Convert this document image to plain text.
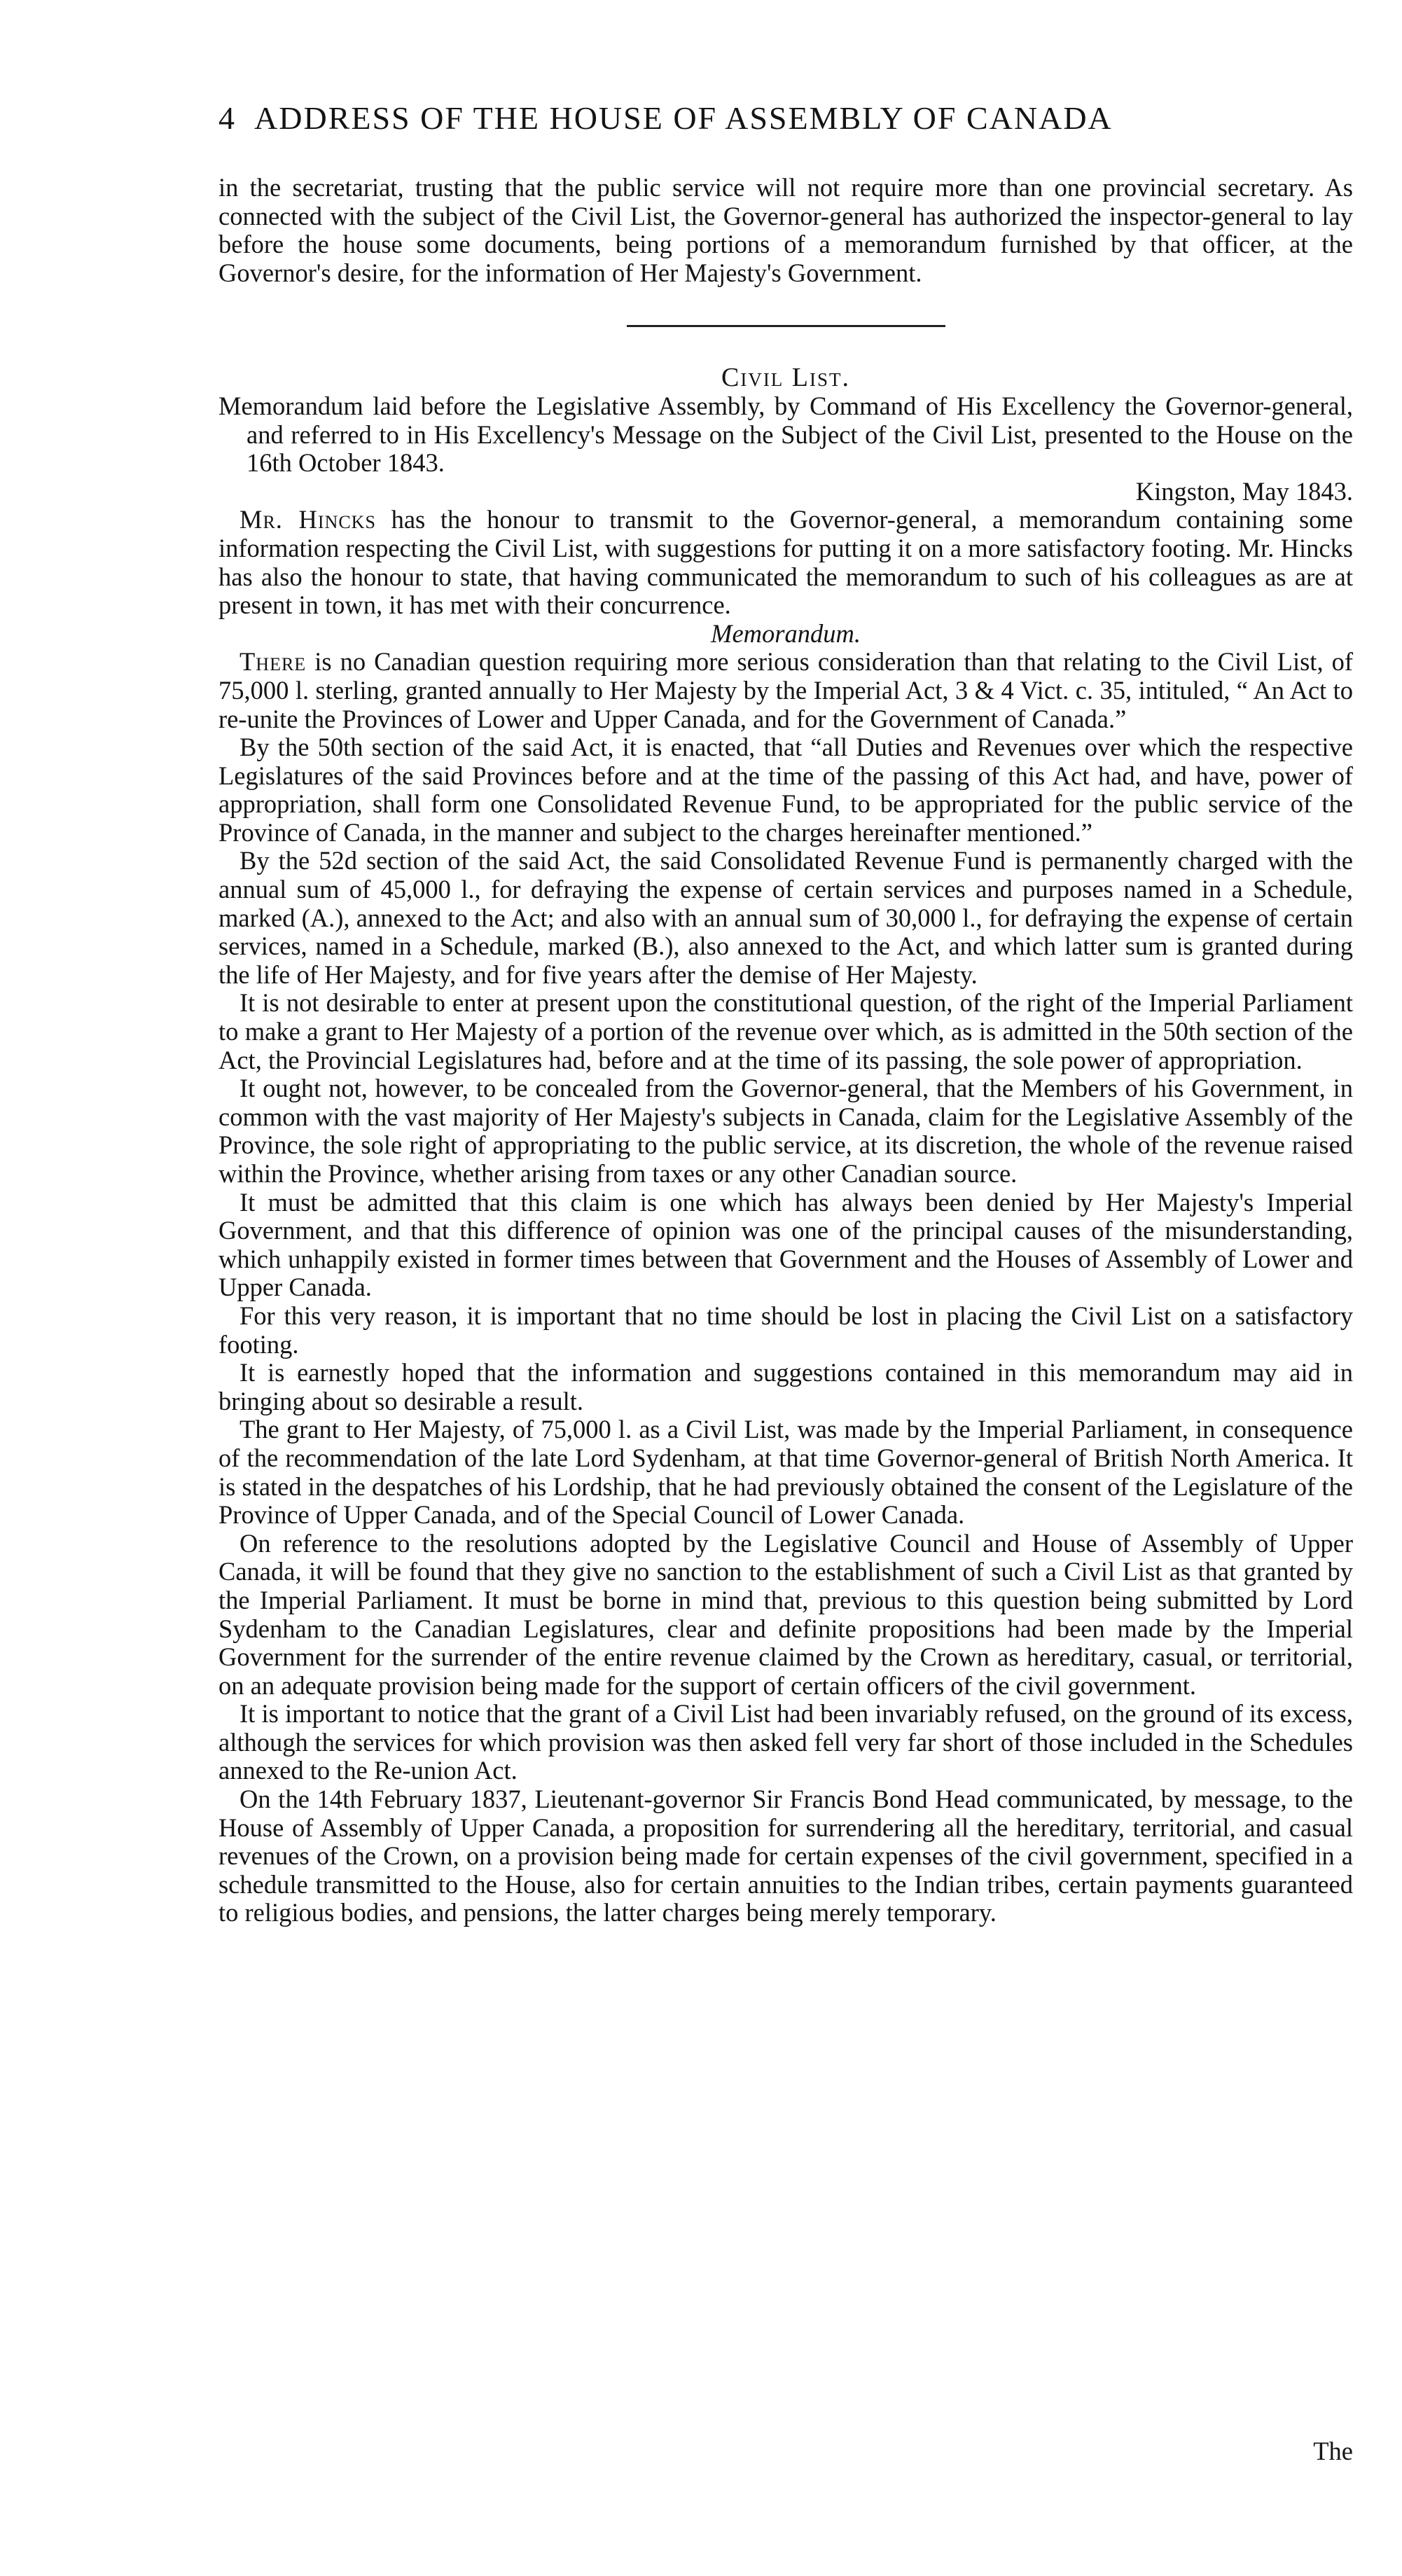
4 ADDRESS OF THE HOUSE OF ASSEMBLY OF CANADA

in the secretariat, trusting that the public service will not require more than one provincial secretary. As connected with the subject of the Civil List, the Governor-general has authorized the inspector-general to lay before the house some documents, being portions of a memorandum furnished by that officer, at the Governor's desire, for the information of Her Majesty's Government.

Civil List.

Memorandum laid before the Legislative Assembly, by Command of His Excellency the Governor-general, and referred to in His Excellency's Message on the Subject of the Civil List, presented to the House on the 16th October 1843.

Kingston, May 1843.

Mr. Hincks has the honour to transmit to the Governor-general, a memorandum containing some information respecting the Civil List, with suggestions for putting it on a more satisfactory footing. Mr. Hincks has also the honour to state, that having communicated the memorandum to such of his colleagues as are at present in town, it has met with their concurrence.

Memorandum.

There is no Canadian question requiring more serious consideration than that relating to the Civil List, of 75,000 l. sterling, granted annually to Her Majesty by the Imperial Act, 3 & 4 Vict. c. 35, intituled, “ An Act to re-unite the Provinces of Lower and Upper Canada, and for the Government of Canada.”

By the 50th section of the said Act, it is enacted, that “all Duties and Revenues over which the respective Legislatures of the said Provinces before and at the time of the passing of this Act had, and have, power of appropriation, shall form one Consolidated Revenue Fund, to be appropriated for the public service of the Province of Canada, in the manner and subject to the charges hereinafter mentioned.”

By the 52d section of the said Act, the said Consolidated Revenue Fund is permanently charged with the annual sum of 45,000 l., for defraying the expense of certain services and purposes named in a Schedule, marked (A.), annexed to the Act; and also with an annual sum of 30,000 l., for defraying the expense of certain services, named in a Schedule, marked (B.), also annexed to the Act, and which latter sum is granted during the life of Her Majesty, and for five years after the demise of Her Majesty.

It is not desirable to enter at present upon the constitutional question, of the right of the Imperial Parliament to make a grant to Her Majesty of a portion of the revenue over which, as is admitted in the 50th section of the Act, the Provincial Legislatures had, before and at the time of its passing, the sole power of appropriation.

It ought not, however, to be concealed from the Governor-general, that the Members of his Government, in common with the vast majority of Her Majesty's subjects in Canada, claim for the Legislative Assembly of the Province, the sole right of appropriating to the public service, at its discretion, the whole of the revenue raised within the Province, whether arising from taxes or any other Canadian source.

It must be admitted that this claim is one which has always been denied by Her Majesty's Imperial Government, and that this difference of opinion was one of the principal causes of the misunderstanding, which unhappily existed in former times between that Government and the Houses of Assembly of Lower and Upper Canada.

For this very reason, it is important that no time should be lost in placing the Civil List on a satisfactory footing.

It is earnestly hoped that the information and suggestions contained in this memorandum may aid in bringing about so desirable a result.

The grant to Her Majesty, of 75,000 l. as a Civil List, was made by the Imperial Parliament, in consequence of the recommendation of the late Lord Sydenham, at that time Governor-general of British North America. It is stated in the despatches of his Lordship, that he had previously obtained the consent of the Legislature of the Province of Upper Canada, and of the Special Council of Lower Canada.

On reference to the resolutions adopted by the Legislative Council and House of Assembly of Upper Canada, it will be found that they give no sanction to the establishment of such a Civil List as that granted by the Imperial Parliament. It must be borne in mind that, previous to this question being submitted by Lord Sydenham to the Canadian Legislatures, clear and definite propositions had been made by the Imperial Government for the surrender of the entire revenue claimed by the Crown as hereditary, casual, or territorial, on an adequate provision being made for the support of certain officers of the civil government.

It is important to notice that the grant of a Civil List had been invariably refused, on the ground of its excess, although the services for which provision was then asked fell very far short of those included in the Schedules annexed to the Re-union Act.

On the 14th February 1837, Lieutenant-governor Sir Francis Bond Head communicated, by message, to the House of Assembly of Upper Canada, a proposition for surrendering all the hereditary, territorial, and casual revenues of the Crown, on a provision being made for certain expenses of the civil government, specified in a schedule transmitted to the House, also for certain annuities to the Indian tribes, certain payments guaranteed to religious bodies, and pensions, the latter charges being merely temporary.

The
